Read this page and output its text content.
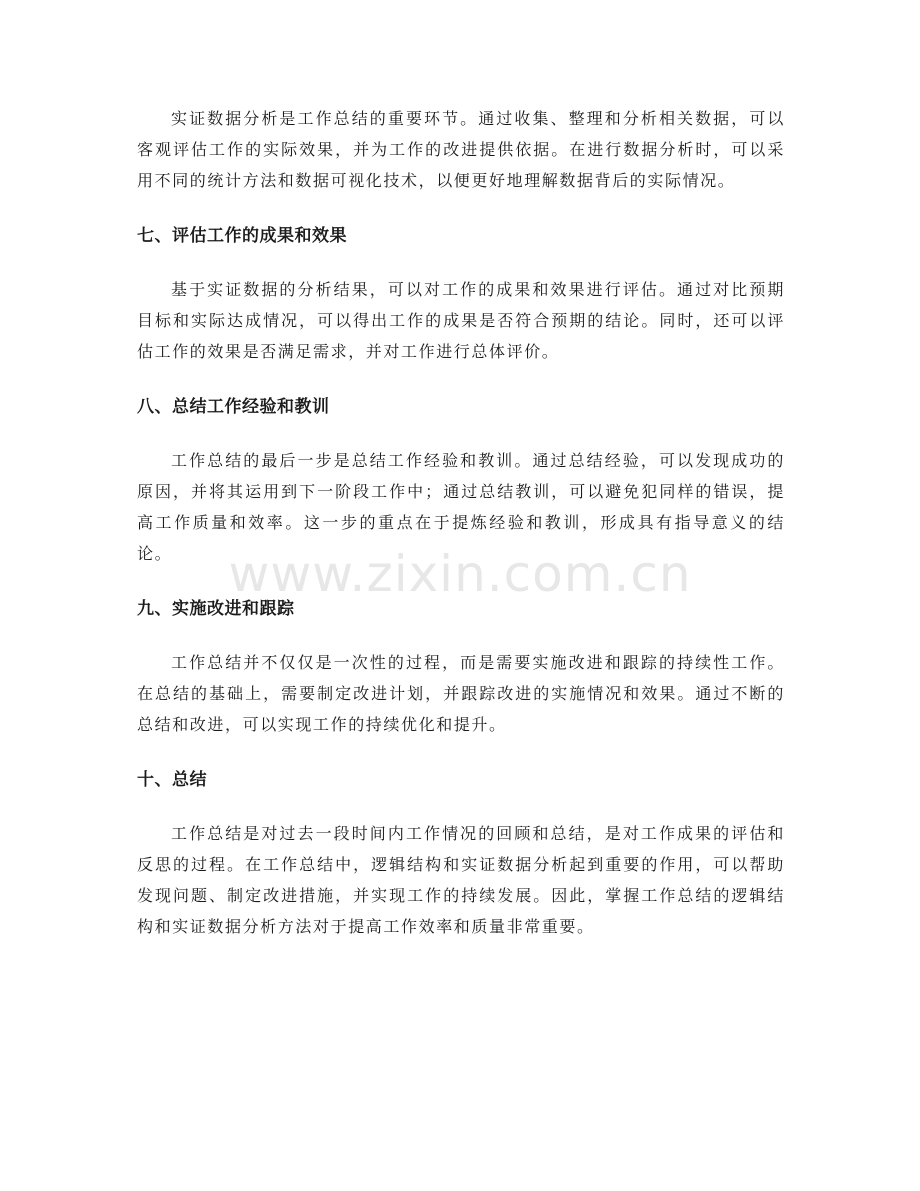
实证数据分析是工作总结的重要环节。通过收集、整理和分析相关数据，可以客观评估工作的实际效果，并为工作的改进提供依据。在进行数据分析时，可以采用不同的统计方法和数据可视化技术，以便更好地理解数据背后的实际情况。

七、评估工作的成果和效果

基于实证数据的分析结果，可以对工作的成果和效果进行评估。通过对比预期目标和实际达成情况，可以得出工作的成果是否符合预期的结论。同时，还可以评估工作的效果是否满足需求，并对工作进行总体评价。

八、总结工作经验和教训

工作总结的最后一步是总结工作经验和教训。通过总结经验，可以发现成功的原因，并将其运用到下一阶段工作中；通过总结教训，可以避免犯同样的错误，提高工作质量和效率。这一步的重点在于提炼经验和教训，形成具有指导意义的结论。

九、实施改进和跟踪

工作总结并不仅仅是一次性的过程，而是需要实施改进和跟踪的持续性工作。在总结的基础上，需要制定改进计划，并跟踪改进的实施情况和效果。通过不断的总结和改进，可以实现工作的持续优化和提升。

十、总结

工作总结是对过去一段时间内工作情况的回顾和总结，是对工作成果的评估和反思的过程。在工作总结中，逻辑结构和实证数据分析起到重要的作用，可以帮助发现问题、制定改进措施，并实现工作的持续发展。因此，掌握工作总结的逻辑结构和实证数据分析方法对于提高工作效率和质量非常重要。

www.zixin.com.cn
